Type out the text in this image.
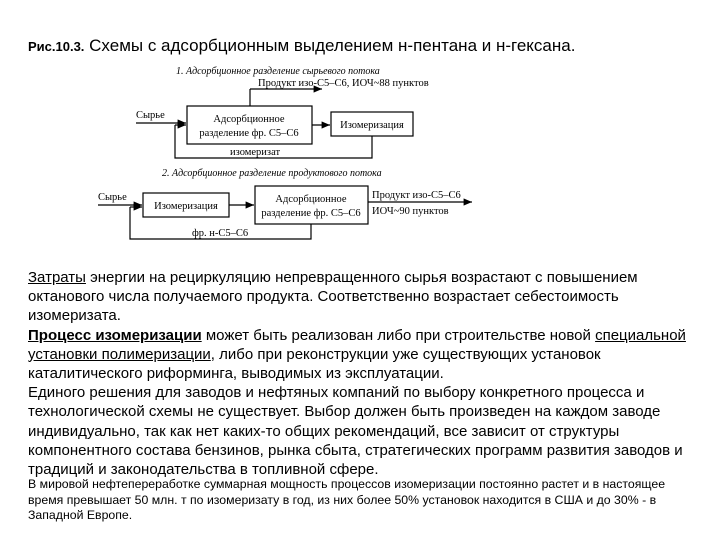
Рис.10.3. Схемы с адсорбционным выделением н-пентана и н-гексана.
1. Адсорбционное разделение сырьевого потока
Продукт изо-С5–С6, ИОЧ~88 пунктов
Сырье	Адсорбционное
разделение фр. С5–С6
Изомеризация
изомеризат
2. Адсорбционное разделение продуктового потока
Сырье
Изомеризация
Адсорбционное
разделение фр. С5–С6
Продукт изо-С5–С6
ИОЧ~90 пунктов
фр. н-С5–С6

Затраты энергии на рециркуляцию непревращенного сырья возрастают с повышением октанового числа получаемого продукта. Соответственно возрастает себестоимость изомеризата.

Процесс изомеризации может быть реализован либо при строительстве новой специальной установки полимеризации, либо при реконструкции уже существующих установок каталитического риформинга, выводимых из эксплуатации.

Единого решения для заводов и нефтяных компаний по выбору конкретного процесса и технологической схемы не существует. Выбор должен быть произведен на каждом заводе индивидуально, так как нет каких-то общих рекомендаций, все зависит от структуры компонентного состава бензинов, рынка сбыта, стратегических программ развития заводов и традиций и законодательства в топливной сфере.

В мировой нефтепереработке суммарная мощность процессов изомеризации постоянно растет и в настоящее время превышает 50 млн. т по изомеризату в год, из них более 50% установок находится в США и до 30% - в Западной Европе.
